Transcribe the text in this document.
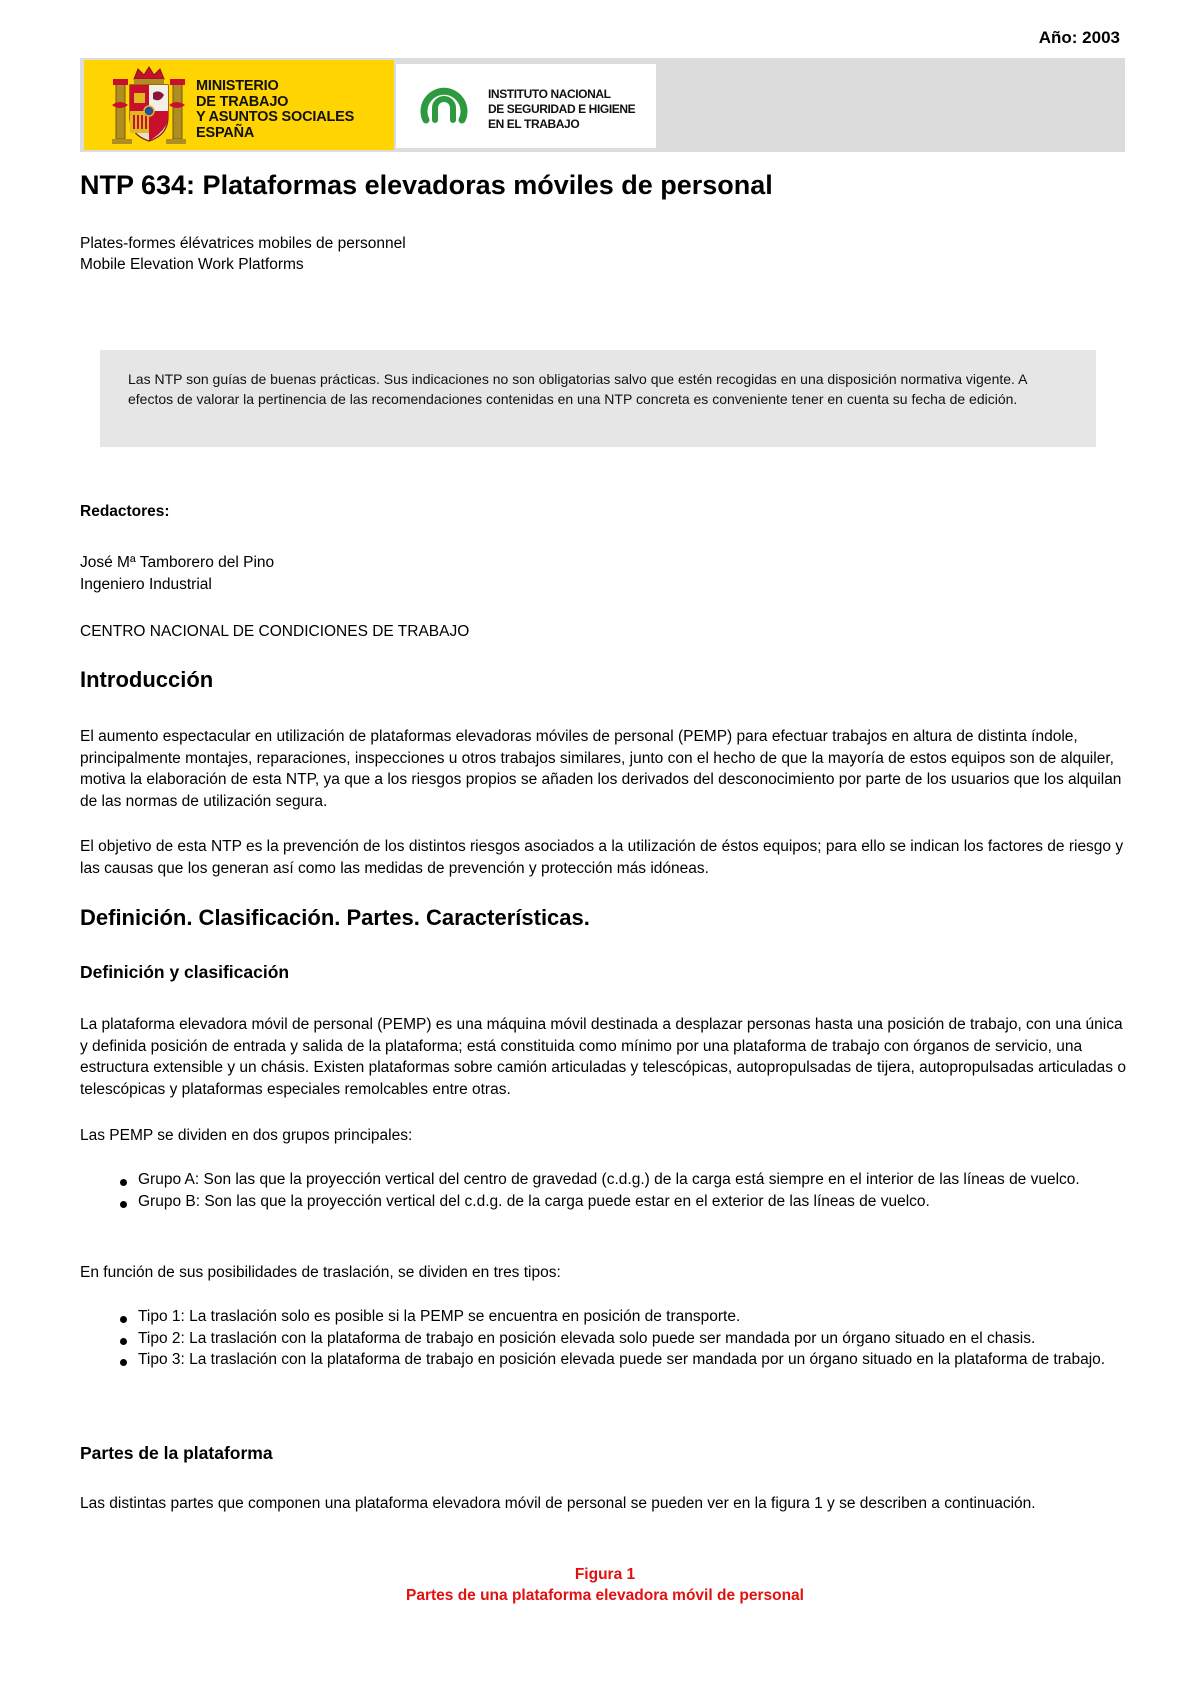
Año: 2003
MINISTERIO
DE TRABAJO
Y ASUNTOS SOCIALES
ESPAÑA
INSTITUTO NACIONAL
DE SEGURIDAD E HIGIENE
EN EL TRABAJO
NTP 634: Plataformas elevadoras móviles de personal
Plates-formes élévatrices mobiles de personnel
Mobile Elevation Work Platforms
Las NTP son guías de buenas prácticas. Sus indicaciones no son obligatorias salvo que estén recogidas en una disposición normativa vigente. A efectos de valorar la pertinencia de las recomendaciones contenidas en una NTP concreta es conveniente tener en cuenta su fecha de edición.
Redactores:
José Mª Tamborero del Pino
Ingeniero Industrial
CENTRO NACIONAL DE CONDICIONES DE TRABAJO
Introducción

El aumento espectacular en utilización de plataformas elevadoras móviles de personal (PEMP) para efectuar trabajos en altura de distinta índole, principalmente montajes, reparaciones, inspecciones u otros trabajos similares, junto con el hecho de que la mayoría de estos equipos son de alquiler, motiva la elaboración de esta NTP, ya que a los riesgos propios se añaden los derivados del desconocimiento por parte de los usuarios que los alquilan de las normas de utilización segura.

El objetivo de esta NTP es la prevención de los distintos riesgos asociados a la utilización de éstos equipos; para ello se indican los factores de riesgo y las causas que los generan así como las medidas de prevención y protección más idóneas.

Definición. Clasificación. Partes. Características.
Definición y clasificación

La plataforma elevadora móvil de personal (PEMP) es una máquina móvil destinada a desplazar personas hasta una posición de trabajo, con una única y definida posición de entrada y salida de la plataforma; está constituida como mínimo por una plataforma de trabajo con órganos de servicio, una estructura extensible y un chásis. Existen plataformas sobre camión articuladas y telescópicas, autopropulsadas de tijera, autopropulsadas articuladas o telescópicas y plataformas especiales remolcables entre otras.

Las PEMP se dividen en dos grupos principales:

Grupo A: Son las que la proyección vertical del centro de gravedad (c.d.g.) de la carga está siempre en el interior de las líneas de vuelco.
Grupo B: Son las que la proyección vertical del c.d.g. de la carga puede estar en el exterior de las líneas de vuelco.

En función de sus posibilidades de traslación, se dividen en tres tipos:

Tipo 1: La traslación solo es posible si la PEMP se encuentra en posición de transporte.
Tipo 2: La traslación con la plataforma de trabajo en posición elevada solo puede ser mandada por un órgano situado en el chasis.
Tipo 3: La traslación con la plataforma de trabajo en posición elevada puede ser mandada por un órgano situado en la plataforma de trabajo.
Partes de la plataforma

Las distintas partes que componen una plataforma elevadora móvil de personal se pueden ver en la figura 1 y se describen a continuación.

Figura 1
Partes de una plataforma elevadora móvil de personal
